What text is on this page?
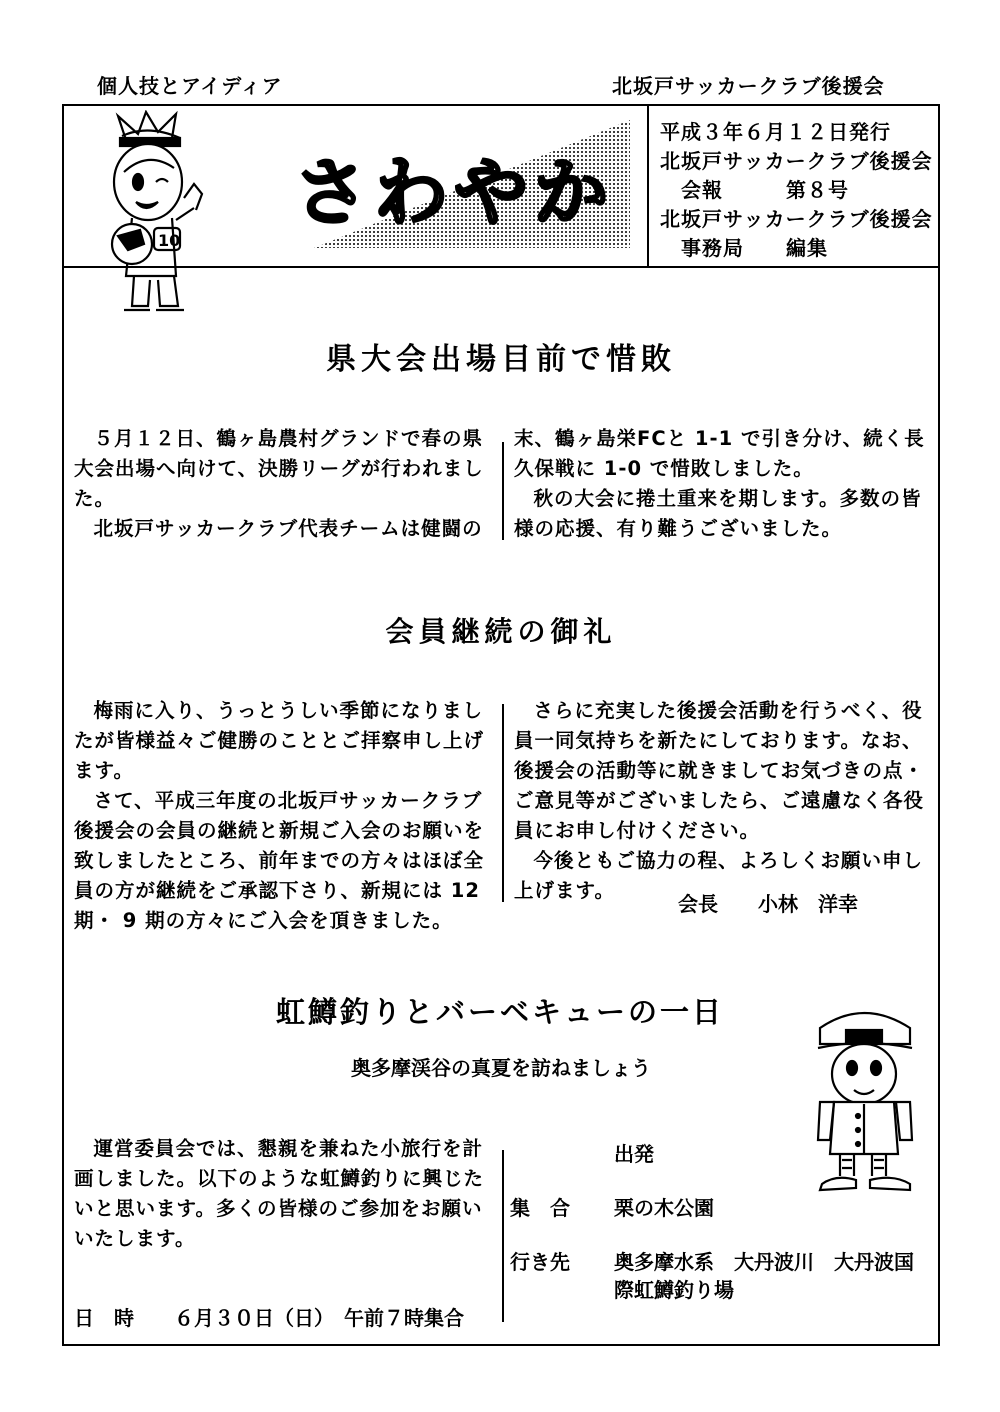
個人技とアイディア	北坂戸サッカークラブ後援会
10
さわやか
平成３年６月１２日発行
北坂戸サッカークラブ後援会
　会報　　　第８号
北坂戸サッカークラブ後援会
　事務局　　編集
県大会出場目前で惜敗

５月１２日、鶴ヶ島農村グランドで春の県大会出場へ向けて、決勝リーグが行われました。

北坂戸サッカークラブ代表チームは健闘の

末、鶴ヶ島栄FCと 1-1 で引き分け、続く長久保戦に 1-0 で惜敗しました。

秋の大会に捲土重来を期します。多数の皆様の応援、有り難うございました。

会員継続の御礼

梅雨に入り、うっとうしい季節になりましたが皆様益々ご健勝のこととご拝察申し上げます。

さて、平成三年度の北坂戸サッカークラブ後援会の会員の継続と新規ご入会のお願いを致しましたところ、前年までの方々はほぼ全員の方が継続をご承認下さり、新規には 12 期・ 9 期の方々にご入会を頂きました。

さらに充実した後援会活動を行うべく、役員一同気持ちを新たにしております。なお、後援会の活動等に就きましてお気づきの点・ご意見等がございましたら、ご遠慮なく各役員にお申し付けください。

今後ともご協力の程、よろしくお願い申し上げます。

会長　　小林　洋幸
虹鱒釣りとバーベキューの一日
奥多摩渓谷の真夏を訪ねましょう

運営委員会では、懇親を兼ねた小旅行を計画しました。以下のような虹鱒釣りに興じたいと思います。多くの皆様のご参加をお願いいたします。

日　時 ６月３０日（日）　午前７時集合
出発
集　合 栗の木公園
行き先 奥多摩水系　大丹波川　大丹波国
際虹鱒釣り場
